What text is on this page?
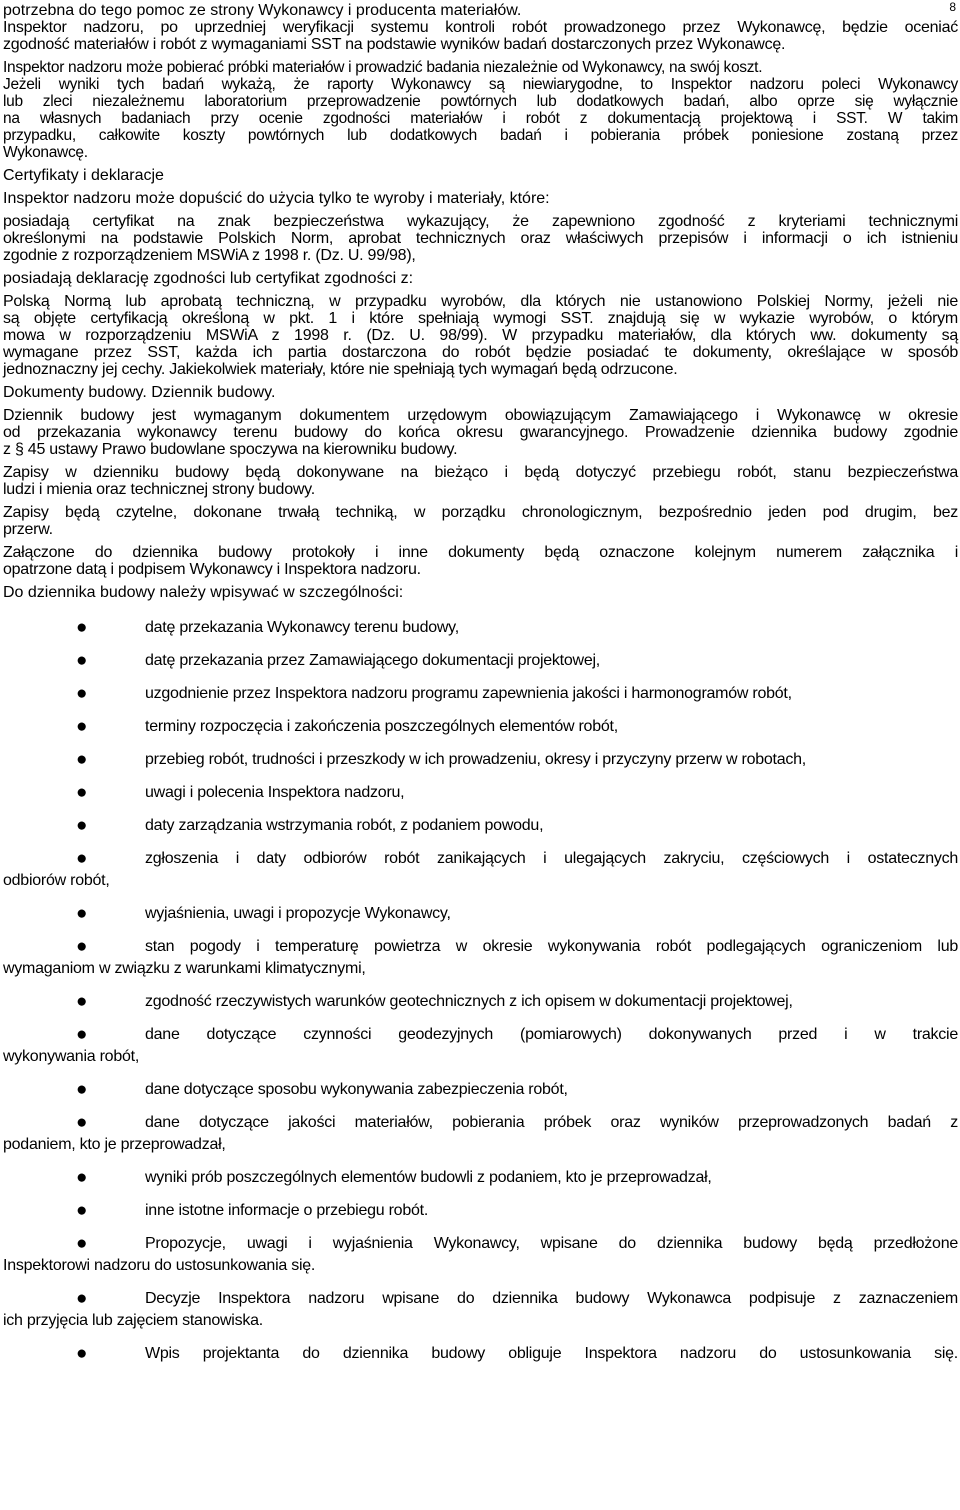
8
potrzebna do tego pomoc ze strony Wykonawcy i producenta materiałów.
Inspektor nadzoru, po uprzedniej weryfikacji systemu kontroli robót prowadzonego przez Wykonawcę, będzie oceniać
zgodność materiałów i robót z wymaganiami SST na podstawie wyników badań dostarczonych przez Wykonawcę.
Inspektor nadzoru może pobierać próbki materiałów i prowadzić badania niezależnie od Wykonawcy, na swój koszt.
Jeżeli wyniki tych badań wykażą, że raporty Wykonawcy są niewiarygodne, to Inspektor nadzoru poleci Wykonawcy
lub zleci niezależnemu laboratorium przeprowadzenie powtórnych lub dodatkowych badań, albo oprze się wyłącznie
na własnych badaniach przy ocenie zgodności materiałów i robót z dokumentacją projektową i SST. W takim
przypadku, całkowite koszty powtórnych lub dodatkowych badań i pobierania próbek poniesione zostaną przez
Wykonawcę.
Certyfikaty i deklaracje
Inspektor nadzoru może dopuścić do użycia tylko te wyroby i materiały, które:
posiadają certyfikat na znak bezpieczeństwa wykazujący, że zapewniono zgodność z kryteriami technicznymi
określonymi na podstawie Polskich Norm, aprobat technicznych oraz właściwych przepisów i informacji o ich istnieniu
zgodnie z rozporządzeniem MSWiA z 1998 r. (Dz. U. 99/98),
posiadają deklarację zgodności lub certyfikat zgodności z:
Polską Normą lub aprobatą techniczną, w przypadku wyrobów, dla których nie ustanowiono Polskiej Normy, jeżeli nie
są objęte certyfikacją określoną w pkt. 1 i które spełniają wymogi SST. znajdują się w wykazie wyrobów, o którym
mowa w rozporządzeniu MSWiA z 1998 r. (Dz. U. 98/99). W przypadku materiałów, dla których ww. dokumenty są
wymagane przez SST, każda ich partia dostarczona do robót będzie posiadać te dokumenty, określające w sposób
jednoznaczny jej cechy. Jakiekolwiek materiały, które nie spełniają tych wymagań będą odrzucone.
Dokumenty budowy. Dziennik budowy.
Dziennik budowy jest wymaganym dokumentem urzędowym obowiązującym Zamawiającego i Wykonawcę w okresie
od przekazania wykonawcy terenu budowy do końca okresu gwarancyjnego. Prowadzenie dziennika budowy zgodnie
z § 45 ustawy Prawo budowlane spoczywa na kierowniku budowy.
Zapisy w dzienniku budowy będą dokonywane na bieżąco i będą dotyczyć przebiegu robót, stanu bezpieczeństwa
ludzi i mienia oraz technicznej strony budowy.
Zapisy będą czytelne, dokonane trwałą techniką, w porządku chronologicznym, bezpośrednio jeden pod drugim, bez
przerw.
Załączone do dziennika budowy protokoły i inne dokumenty będą oznaczone kolejnym numerem załącznika i
opatrzone datą i podpisem Wykonawcy i Inspektora nadzoru.
Do dziennika budowy należy wpisywać w szczególności:
●	datę przekazania Wykonawcy terenu budowy,
●	datę przekazania przez Zamawiającego dokumentacji projektowej,
●	uzgodnienie przez Inspektora nadzoru programu zapewnienia jakości i harmonogramów robót,
●	terminy rozpoczęcia i zakończenia poszczególnych elementów robót,
●	przebieg robót, trudności i przeszkody w ich prowadzeniu, okresy i przyczyny przerw w robotach,
●	uwagi i polecenia Inspektora nadzoru,
●	daty zarządzania wstrzymania robót, z podaniem powodu,
●	zgłoszenia i daty odbiorów robót zanikających i ulegających zakryciu, częściowych i ostatecznych
odbiorów robót,
●	wyjaśnienia, uwagi i propozycje Wykonawcy,
●	stan pogody i temperaturę powietrza w okresie wykonywania robót podlegających ograniczeniom lub
wymaganiom w związku z warunkami klimatycznymi,
●	zgodność rzeczywistych warunków geotechnicznych z ich opisem w dokumentacji projektowej,
●	dane dotyczące czynności geodezyjnych (pomiarowych) dokonywanych przed i w trakcie
wykonywania robót,
●	dane dotyczące sposobu wykonywania zabezpieczenia robót,
●	dane dotyczące jakości materiałów, pobierania próbek oraz wyników przeprowadzonych badań z
podaniem, kto je przeprowadzał,
●	wyniki prób poszczególnych elementów budowli z podaniem, kto je przeprowadzał,
●	inne istotne informacje o przebiegu robót.
●	Propozycje, uwagi i wyjaśnienia Wykonawcy, wpisane do dziennika budowy będą przedłożone
Inspektorowi nadzoru do ustosunkowania się.
●	Decyzje Inspektora nadzoru wpisane do dziennika budowy Wykonawca podpisuje z zaznaczeniem
ich przyjęcia lub zajęciem stanowiska.
●	Wpis projektanta do dziennika budowy obliguje Inspektora nadzoru do ustosunkowania się.
